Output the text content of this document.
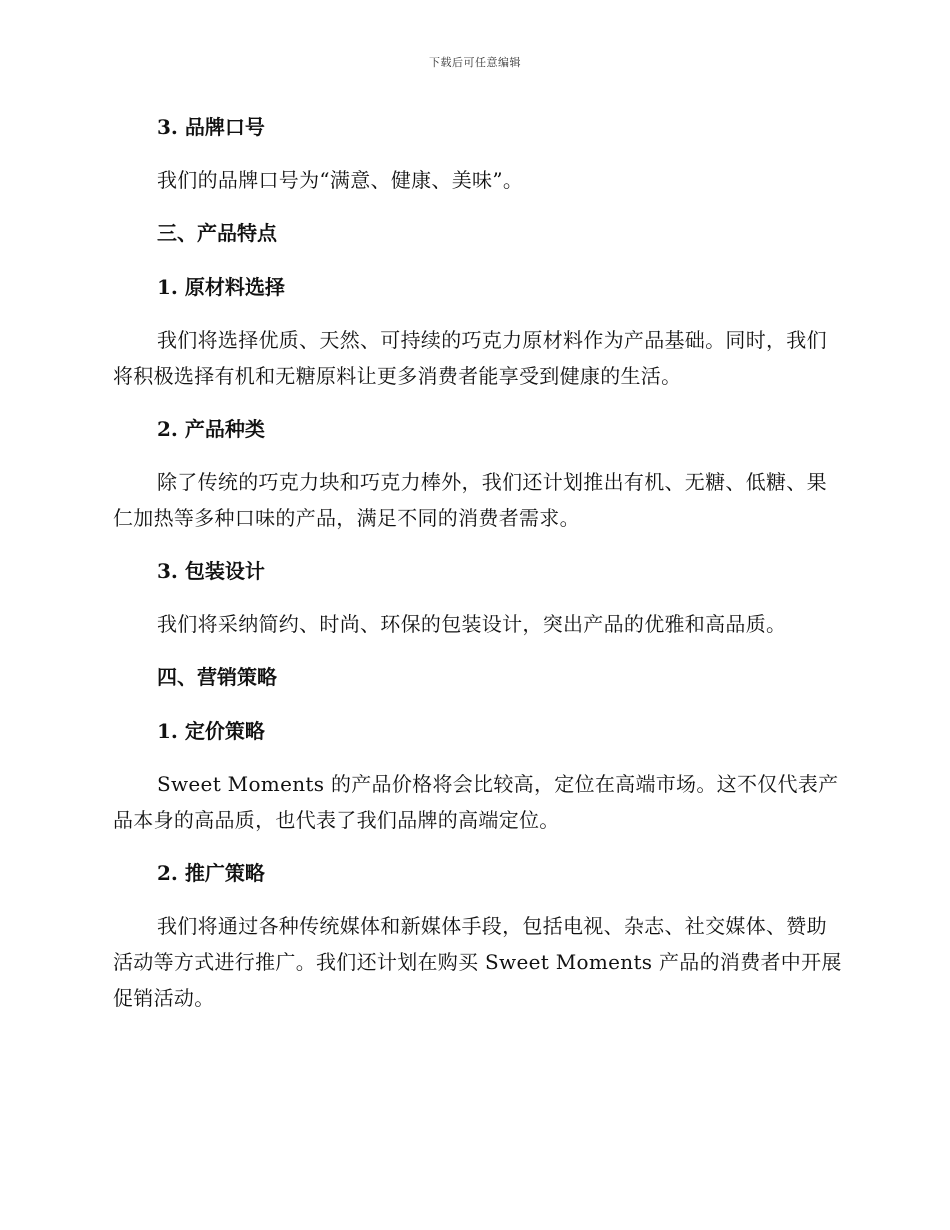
下载后可任意编辑

3. 品牌口号

我们的品牌口号为“满意、健康、美味”。

三、产品特点

1. 原材料选择

我们将选择优质、天然、可持续的巧克力原材料作为产品基础。同时，我们将积极选择有机和无糖原料让更多消费者能享受到健康的生活。

2. 产品种类

除了传统的巧克力块和巧克力棒外，我们还计划推出有机、无糖、低糖、果仁加热等多种口味的产品，满足不同的消费者需求。

3. 包装设计

我们将采纳简约、时尚、环保的包装设计，突出产品的优雅和高品质。

四、营销策略

1. 定价策略

Sweet Moments 的产品价格将会比较高，定位在高端市场。这不仅代表产品本身的高品质，也代表了我们品牌的高端定位。

2. 推广策略

我们将通过各种传统媒体和新媒体手段，包括电视、杂志、社交媒体、赞助活动等方式进行推广。我们还计划在购买 Sweet Moments 产品的消费者中开展促销活动。
